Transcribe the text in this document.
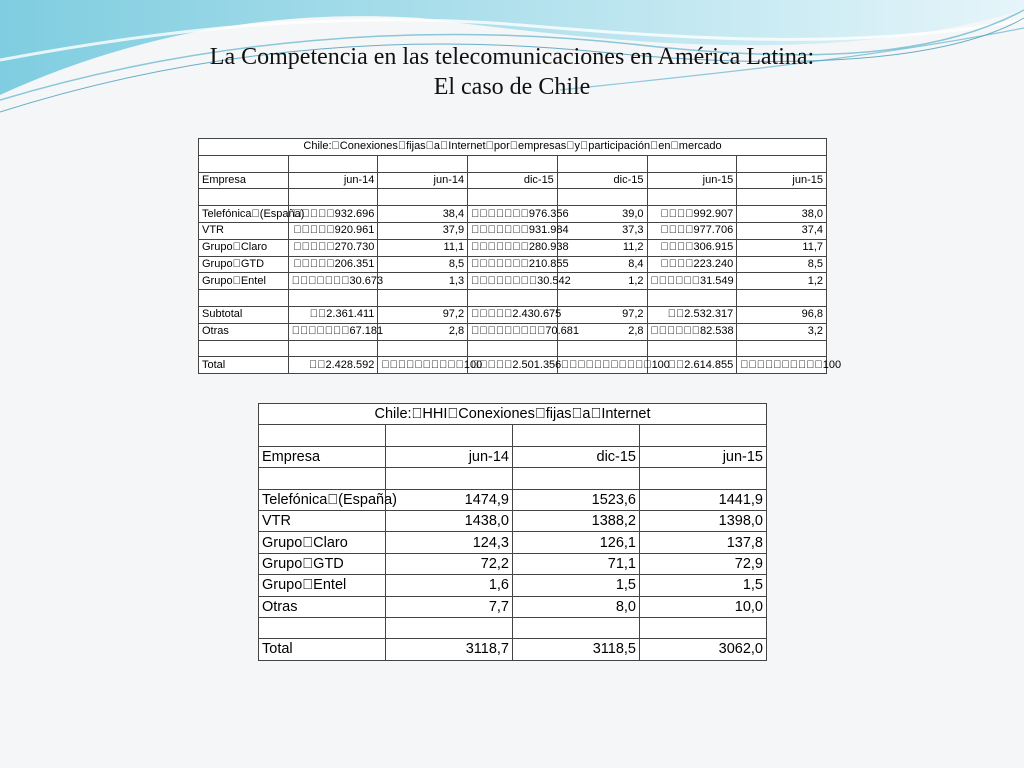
La Competencia en las telecomunicaciones en América Latina:
El caso de Chile
Chile: Conexiones fijas a Internet por empresas y participación en mercado						

Empresa	jun-14	jun-14	dic-15	dic-15	jun-15	jun-15

Telefónica (España)	     932.696	38,4	       976.356	39,0	    992.907	38,0
VTR	     920.961	37,9	       931.984	37,3	    977.706	37,4
Grupo Claro	     270.730	11,1	       280.938	11,2	    306.915	11,7
Grupo GTD	     206.351	8,5	       210.855	8,4	    223.240	8,5
Grupo Entel	       30.673	1,3	        30.542	1,2	      31.549	1,2

Subtotal	  2.361.411	97,2	     2.430.675	97,2	  2.532.317	96,8
Otras	       67.181	2,8	         70.681	2,8	      82.538	3,2

Total	  2.428.592	          100	     2.501.356	           100	  2.614.855	          100
Chile: HHI Conexiones fijas a Internet			

Empresa	jun-14	dic-15	jun-15

Telefónica (España)	1474,9	1523,6	1441,9
VTR	1438,0	1388,2	1398,0
Grupo Claro	124,3	126,1	137,8
Grupo GTD	72,2	71,1	72,9
Grupo Entel	1,6	1,5	1,5
Otras	7,7	8,0	10,0

Total	3118,7	3118,5	3062,0
